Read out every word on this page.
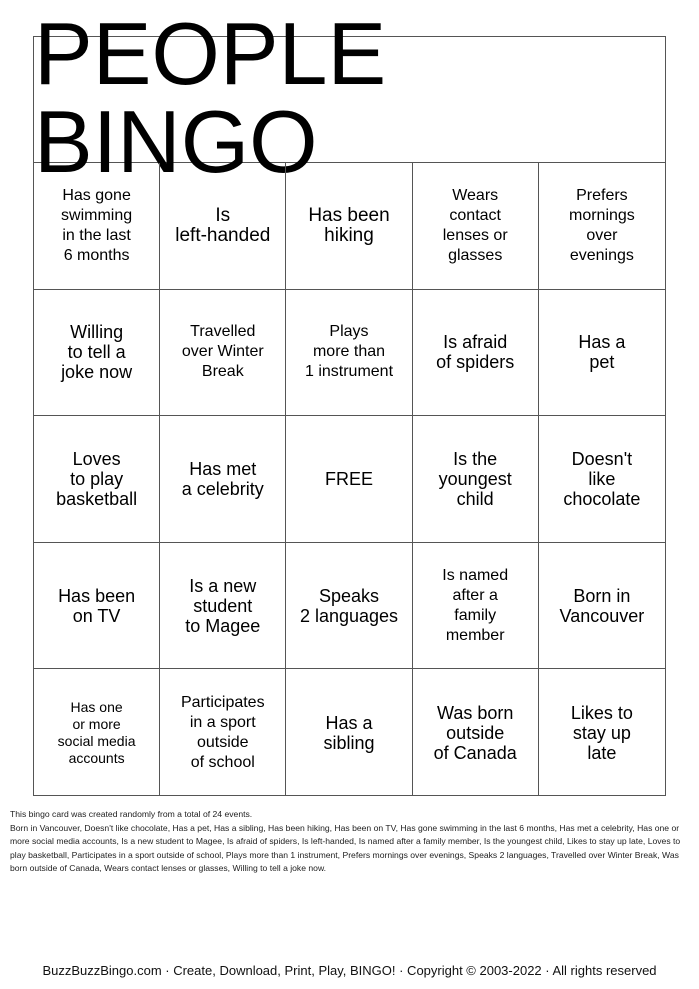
PEOPLE BINGO
Has gone
swimming
in the last
6 months
Is
left-handed
Has been
hiking
Wears
contact
lenses or
glasses
Prefers
mornings
over
evenings
Willing
to tell a
joke now
Travelled
over Winter
Break
Plays
more than
1 instrument
Is afraid
of spiders
Has a
pet
Loves
to play
basketball
Has met
a celebrity	FREE
Is the
youngest
child
Doesn't
like
chocolate
Has been
on TV
Is a new
student
to Magee
Speaks
2 languages
Is named
after a
family
member
Born in
Vancouver
Has one
or more
social media
accounts
Participates
in a sport
outside
of school
Has a
sibling
Was born
outside
of Canada
Likes to
stay up
late

This bingo card was created randomly from a total of 24 events.

Born in Vancouver, Doesn't like chocolate, Has a pet, Has a sibling, Has been hiking, Has been on TV, Has gone swimming in the last 6 months, Has met a celebrity, Has one or more social media accounts, Is a new student to Magee, Is afraid of spiders, Is left-handed, Is named after a family member, Is the youngest child, Likes to stay up late, Loves to play basketball, Participates in a sport outside of school, Plays more than 1 instrument, Prefers mornings over evenings, Speaks 2 languages, Travelled over Winter Break, Was born outside of Canada, Wears contact lenses or glasses, Willing to tell a joke now.

BuzzBuzzBingo.com · Create, Download, Print, Play, BINGO! · Copyright © 2003-2022 · All rights reserved
